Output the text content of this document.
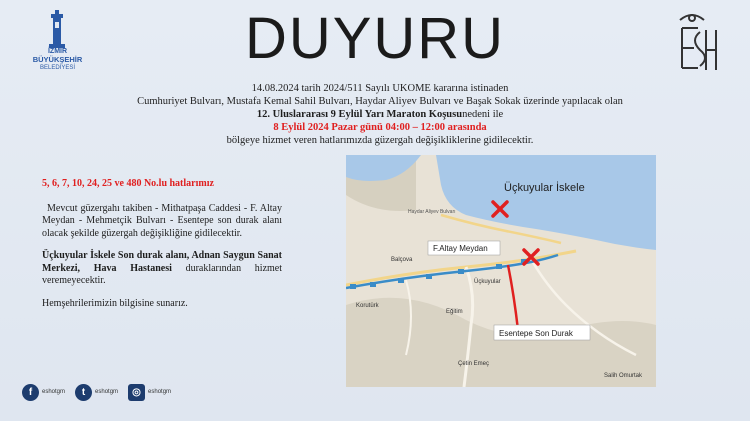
İZMİR
BÜYÜKŞEHİR
BELEDİYESİ	DUYURU
14.08.2024 tarih 2024/511 Sayılı UKOME kararına istinaden
Cumhuriyet Bulvarı, Mustafa Kemal Sahil Bulvarı, Haydar Aliyev Bulvarı ve Başak Sokak üzerinde yapılacak olan
12. Uluslararası 9 Eylül Yarı Maraton Koşusunedeni ile
8 Eylül 2024 Pazar günü 04:00 – 12:00 arasında
bölgeye hizmet veren hatlarımızda güzergah değişikliklerine gidilecektir.
5, 6, 7, 10, 24, 25 ve 480 No.lu hatlarımız

Mevcut güzergahı takiben - Mithatpaşa Caddesi - F. Altay Meydan - Mehmetçik Bulvarı - Esentepe son durak alanı olacak şekilde güzergah değişikliğine gidilecektir.

Üçkuyular İskele Son durak alanı, Adnan Saygun Sanat Merkezi, Hava Hastanesi duraklarından hizmet veremeyecektir.

Hemşehrilerimizin bilgisine sunarız.

Üçkuyular İskele
Haydar Aliyev Bulvarı
Balçova
Üçkuyular
Korutürk
Eğitim
Çetin Emeç
Salih Omurtak
F.Altay Meydan
Esentepe Son Durak
f	eshotgm	t	eshotgm	◎	eshotgm
